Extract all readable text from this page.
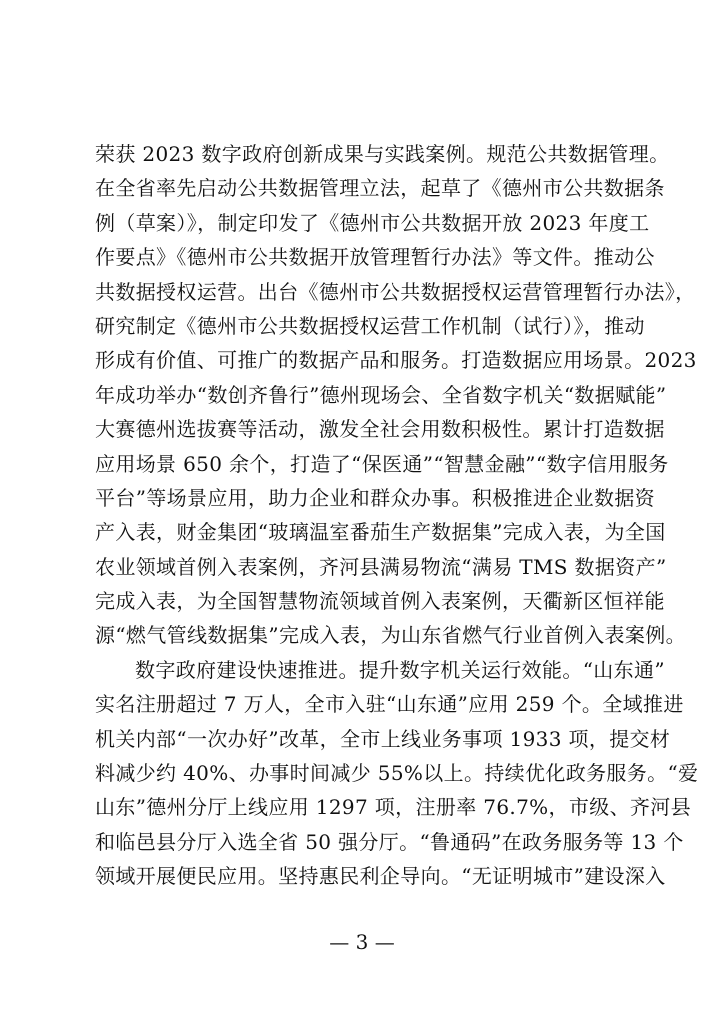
荣获 2023 数字政府创新成果与实践案例。规范公共数据管理。
在全省率先启动公共数据管理立法，起草了《德州市公共数据条
例（草案）》，制定印发了《德州市公共数据开放 2023 年度工
作要点》《德州市公共数据开放管理暂行办法》等文件。推动公
共数据授权运营。出台《德州市公共数据授权运营管理暂行办法》，
研究制定《德州市公共数据授权运营工作机制（试行）》，推动
形成有价值、可推广的数据产品和服务。打造数据应用场景。2023
年成功举办“数创齐鲁行”德州现场会、全省数字机关“数据赋能”
大赛德州选拔赛等活动，激发全社会用数积极性。累计打造数据
应用场景 650 余个，打造了“保医通”“智慧金融”“数字信用服务
平台”等场景应用，助力企业和群众办事。积极推进企业数据资
产入表，财金集团“玻璃温室番茄生产数据集”完成入表，为全国
农业领域首例入表案例，齐河县满易物流“满易 TMS 数据资产”
完成入表，为全国智慧物流领域首例入表案例，天衢新区恒祥能
源“燃气管线数据集”完成入表，为山东省燃气行业首例入表案例。
数字政府建设快速推进。提升数字机关运行效能。“山东通”
实名注册超过 7 万人，全市入驻“山东通”应用 259 个。全域推进
机关内部“一次办好”改革，全市上线业务事项 1933 项，提交材
料减少约 40%、办事时间减少 55%以上。持续优化政务服务。“爱
山东”德州分厅上线应用 1297 项，注册率 76.7%，市级、齐河县
和临邑县分厅入选全省 50 强分厅。“鲁通码”在政务服务等 13 个
领域开展便民应用。坚持惠民利企导向。“无证明城市”建设深入
— 3 —
